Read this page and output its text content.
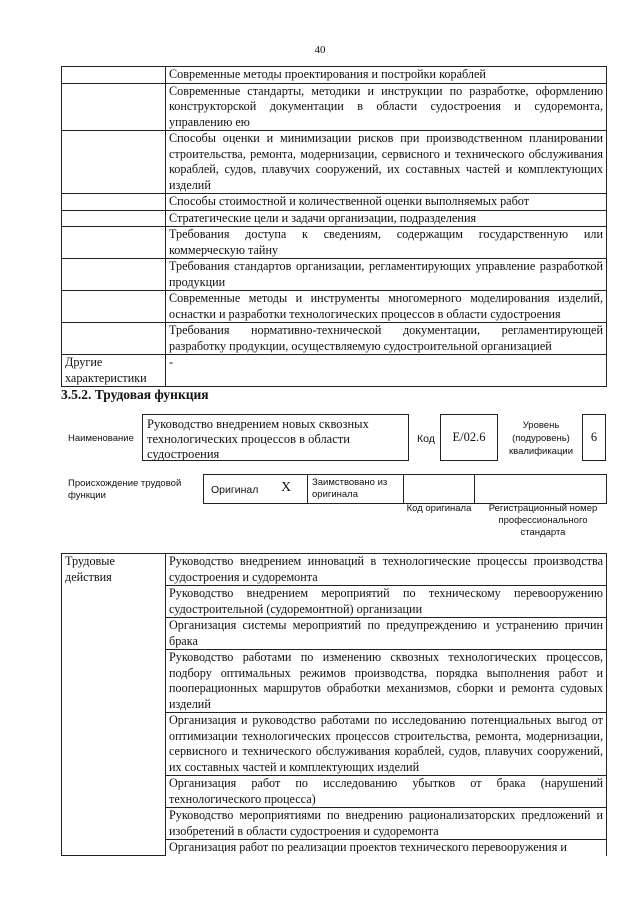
40
	Современные методы проектирования и постройки кораблей
	Современные стандарты, методики и инструкции по разработке, оформлению конструкторской документации в области судостроения и судоремонта, управлению ею
	Способы оценки и минимизации рисков при производственном планировании строительства, ремонта, модернизации, сервисного и технического обслуживания кораблей, судов, плавучих сооружений, их составных частей и комплектующих изделий
	Способы стоимостной и количественной оценки выполняемых работ
	Стратегические цели и задачи организации, подразделения
	Требования доступа к сведениям, содержащим государственную или коммерческую тайну
	Требования стандартов организации, регламентирующих управление разработкой продукции
	Современные методы и инструменты многомерного моделирования изделий, оснастки и разработки технологических процессов в области судостроения
	Требования нормативно-технической документации, регламентирующей разработку продукции, осуществляемую судостроительной организацией
Другие характеристики	-
3.5.2. Трудовая функция
Наименование
Руководство внедрением новых сквозных технологических процессов в области судостроения
Код	E/02.6
Уровень (подуровень) квалификации
6
Происхождение трудовой функции	Оригинал X Заимствовано из оригинала
Код оригинала	Регистрационный номер профессионального стандарта
Трудовые действия	Руководство внедрением инноваций в технологические процессы производства судостроения и судоремонта
Руководство внедрением мероприятий по техническому перевооружению судостроительной (судоремонтной) организации
Организация системы мероприятий по предупреждению и устранению причин брака
Руководство работами по изменению сквозных технологических процессов, подбору оптимальных режимов производства, порядка выполнения работ и пооперационных маршрутов обработки механизмов, сборки и ремонта судовых изделий
Организация и руководство работами по исследованию потенциальных выгод от оптимизации технологических процессов строительства, ремонта, модернизации, сервисного и технического обслуживания кораблей, судов, плавучих сооружений, их составных частей и комплектующих изделий
Организация работ по исследованию убытков от брака (нарушений технологического процесса)
Руководство мероприятиями по внедрению рационализаторских предложений и изобретений в области судостроения и судоремонта
Организация работ по реализации проектов технического перевооружения и
